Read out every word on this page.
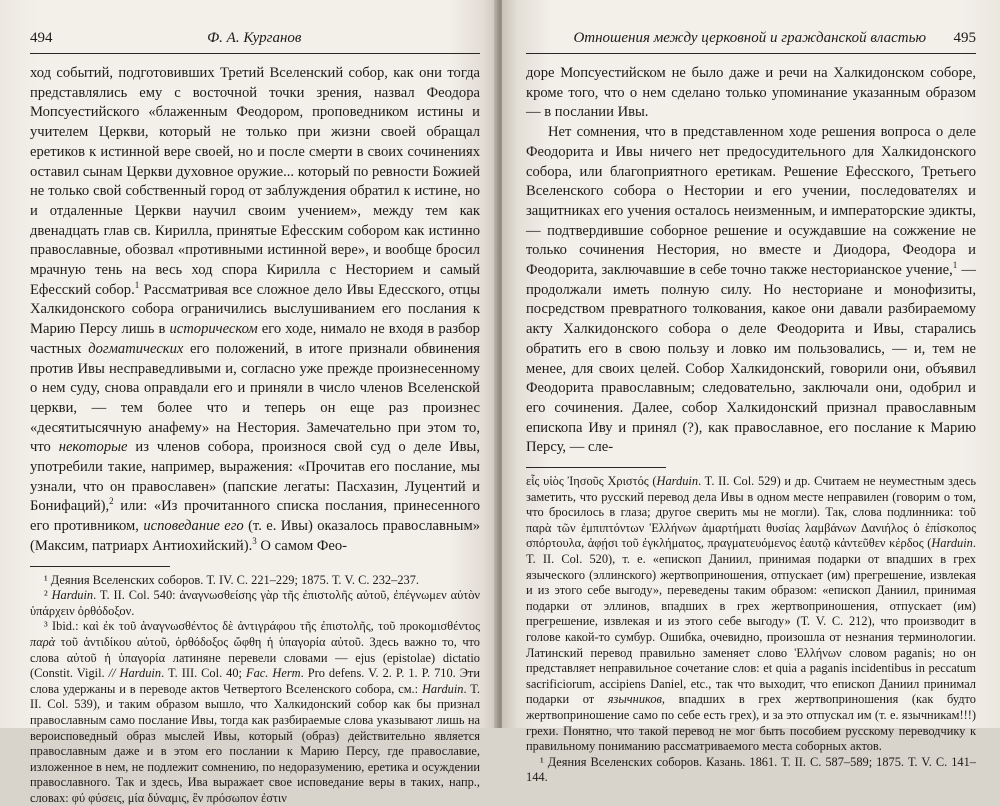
494	Ф. А. Курганов

ход событий, подготовивших Третий Вселенский собор, как они тогда представлялись ему с восточной точки зрения, назвал Феодора Мопсуестийского «блаженным Феодором, проповедником истины и учителем Церкви, который не только при жизни своей обращал еретиков к истинной вере своей, но и после смерти в своих сочинениях оставил сынам Церкви духовное оружие... который по ревности Божией не только свой собственный город от заблуждения обратил к истине, но и отдаленные Церкви научил своим учением», между тем как двенадцать глав св. Кирилла, принятые Ефесским собором как истинно православные, обозвал «противными истинной вере», и вообще бросил мрачную тень на весь ход спора Кирилла с Несторием и самый Ефесский собор.$^1$ Рассматривая все сложное дело Ивы Едесского, отцы Халкидонского собора ограничились выслушиванием его послания к Марию Персу лишь в историческом его ходе, нимало не входя в разбор частных догматических его положений, в итоге признали обвинения против Ивы несправедливыми и, согласно уже прежде произнесенному о нем суду, снова оправдали его и приняли в число членов Вселенской церкви, — тем более что и теперь он еще раз произнес «десятитысячную анафему» на Нестория. Замечательно при этом то, что некоторые из членов собора, произнося свой суд о деле Ивы, употребили такие, например, выражения: «Прочитав его послание, мы узнали, что он православен» (папские легаты: Пасхазин, Луцентий и Бонифаций),$^2$ или: «Из прочитанного списка послания, принесенного его противником, исповедание его (т. е. Ивы) оказалось православным» (Максим, патриарх Антиохийский).$^3$ О самом Фео-

¹ Деяния Вселенских соборов. Т. IV. С. 221–229; 1875. Т. V. С. 232–237.

² Harduin. T. II. Col. 540: ἀναγνωσθείσης γὰρ τῆς ἐπιστολῆς αὐτοῦ, ἐπέγνωμεν αὐτὸν ὑπάρχειν ὀρθόδοξον.

³ Ibid.: καὶ ἐκ τοῦ ἀναγνωσθέντος δὲ ἀντιγράφου τῆς ἐπιστολῆς, τοῦ προκομισθέντος παρὰ τοῦ ἀντιδίκου αὐτοῦ, ὀρθόδοξος ὤφθη ἡ ὑπαγορία αὐτοῦ. Здесь важно то, что слова αὐτοῦ ἡ ὑπαγορία латиняне перевели словами — ejus (epistolae) dictatio (Constit. Vigil. // Harduin. T. III. Col. 40; Fac. Herm. Pro defens. V. 2. Р. 1. Р. 710. Эти слова удержаны и в переводе актов Четвертого Вселенского собора, см.: Harduin. T. II. Col. 539), и таким образом вышло, что Халкидонский собор как бы признал православным само послание Ивы, тогда как разбираемые слова указывают лишь на вероисповедный образ мыслей Ивы, который (образ) действительно является православным даже и в этом его послании к Марию Персу, где православие, изложенное в нем, не подлежит сомнению, по недоразумению, еретика и осуждении православного. Так и здесь, Ива выражает свое исповедание веры в таких, напр., словах: φύ φύσεις, μία δύναμις, ἓν πρόσωπον ἐστιν

Отношения между церковной и гражданской властью 495

доре Мопсуестийском не было даже и речи на Халкидонском соборе, кроме того, что о нем сделано только упоминание указанным образом — в послании Ивы.

Нет сомнения, что в представленном ходе решения вопроса о деле Феодорита и Ивы ничего нет предосудительного для Халкидонского собора, или благоприятного еретикам. Решение Ефесского, Третьего Вселенского собора о Нестории и его учении, последователях и защитниках его учения осталось неизменным, и императорские эдикты, — подтвердившие соборное решение и осуждавшие на сожжение не только сочинения Нестория, но вместе и Диодора, Феодора и Феодорита, заключавшие в себе точно также несторианское учение,$^1$ — продолжали иметь полную силу. Но несториане и монофизиты, посредством превратного толкования, какое они давали разбираемому акту Халкидонского собора о деле Феодорита и Ивы, старались обратить его в свою пользу и ловко им пользовались, — и, тем не менее, для своих целей. Собор Халкидонский, говорили они, объявил Феодорита православным; следовательно, заключали они, одобрил и его сочинения. Далее, собор Халкидонский признал православным епископа Иву и принял (?), как православное, его послание к Марию Персу, — сле-

εἷς υἱὸς Ἰησοῦς Χριστός (Harduin. T. II. Col. 529) и др. Считаем не неуместным здесь заметить, что русский перевод дела Ивы в одном месте неправилен (говорим о том, что бросилось в глаза; другое сверить мы не могли). Так, слова подлинника: τοῦ παρὰ τῶν ἐμπιπτόντων Ἑλλήνων ἁμαρτήματι θυσίας λαμβάνων Δανιήλος ὁ ἐπίσκοπος σπόρτουλα, ἀφῄσι τοῦ ἐγκλήματος, πραγματευόμενος ἑαυτῷ κἀντεῦθεν κέρδος (Harduin. T. II. Col. 520), т. е. «епископ Даниил, принимая подарки от впадших в грех языческого (эллинского) жертвоприношения, отпускает (им) прегрешение, извлекая и из этого себе выгоду», переведены таким образом: «епископ Даниил, принимая подарки от эллинов, впадших в грех жертвоприношения, отпускает (им) прегрешение, извлекая и из этого себе выгоду» (Т. V. С. 212), что производит в голове какой-то сумбур. Ошибка, очевидно, произошла от незнания терминологии. Латинский перевод правильно заменяет слово Ἑλλήνων словом paganis; но он представляет неправильное сочетание слов: et quia a paganis incidentibus in peccatum sacrificiorum, accipiens Daniel, etc., так что выходит, что епископ Даниил принимал подарки от язычников, впадших в грех жертвоприношения (как будто жертвоприношение само по себе есть грех), и за это отпускал им (т. е. язычникам!!!) грехи. Понятно, что такой перевод не мог быть пособием русскому переводчику к правильному пониманию рассматриваемого места соборных актов.

¹ Деяния Вселенских соборов. Казань. 1861. Т. II. С. 587–589; 1875. Т. V. С. 141–144.
